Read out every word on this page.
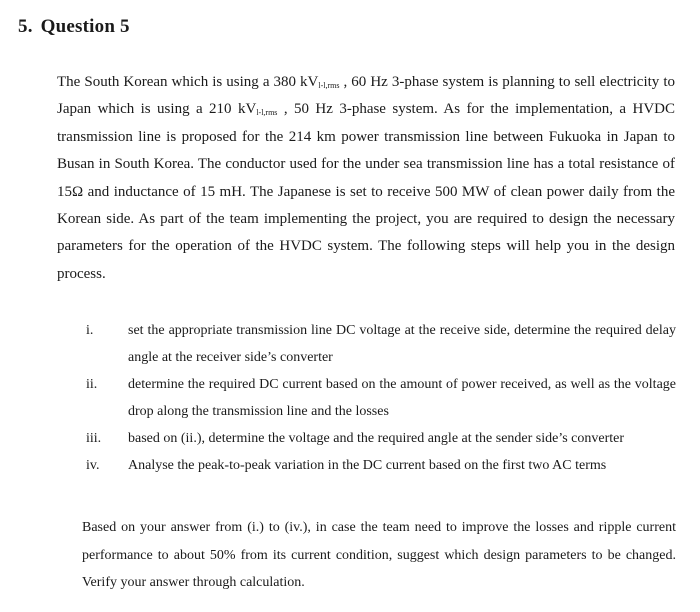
5. Question 5

The South Korean which is using a 380 $kV_{l-l,rms}$ , 60 Hz 3-phase system is planning to sell electricity to Japan which is using a 210 $kV_{l-l,rms}$ , 50 Hz 3-phase system. As for the implementation, a HVDC transmission line is proposed for the 214 km power transmission line between Fukuoka in Japan to Busan in South Korea. The conductor used for the under sea transmission line has a total resistance of 15Ω and inductance of 15 mH. The Japanese is set to receive 500 MW of clean power daily from the Korean side. As part of the team implementing the project, you are required to design the necessary parameters for the operation of the HVDC system. The following steps will help you in the design process.

i.	set the appropriate transmission line DC voltage at the receive side, determine the required delay angle at the receiver side’s converter
ii.	determine the required DC current based on the amount of power received, as well as the voltage drop along the transmission line and the losses
iii.	based on (ii.), determine the voltage and the required angle at the sender side’s converter
iv.	Analyse the peak-to-peak variation in the DC current based on the first two AC terms

Based on your answer from (i.) to (iv.), in case the team need to improve the losses and ripple current performance to about 50% from its current condition, suggest which design parameters to be changed. Verify your answer through calculation.
